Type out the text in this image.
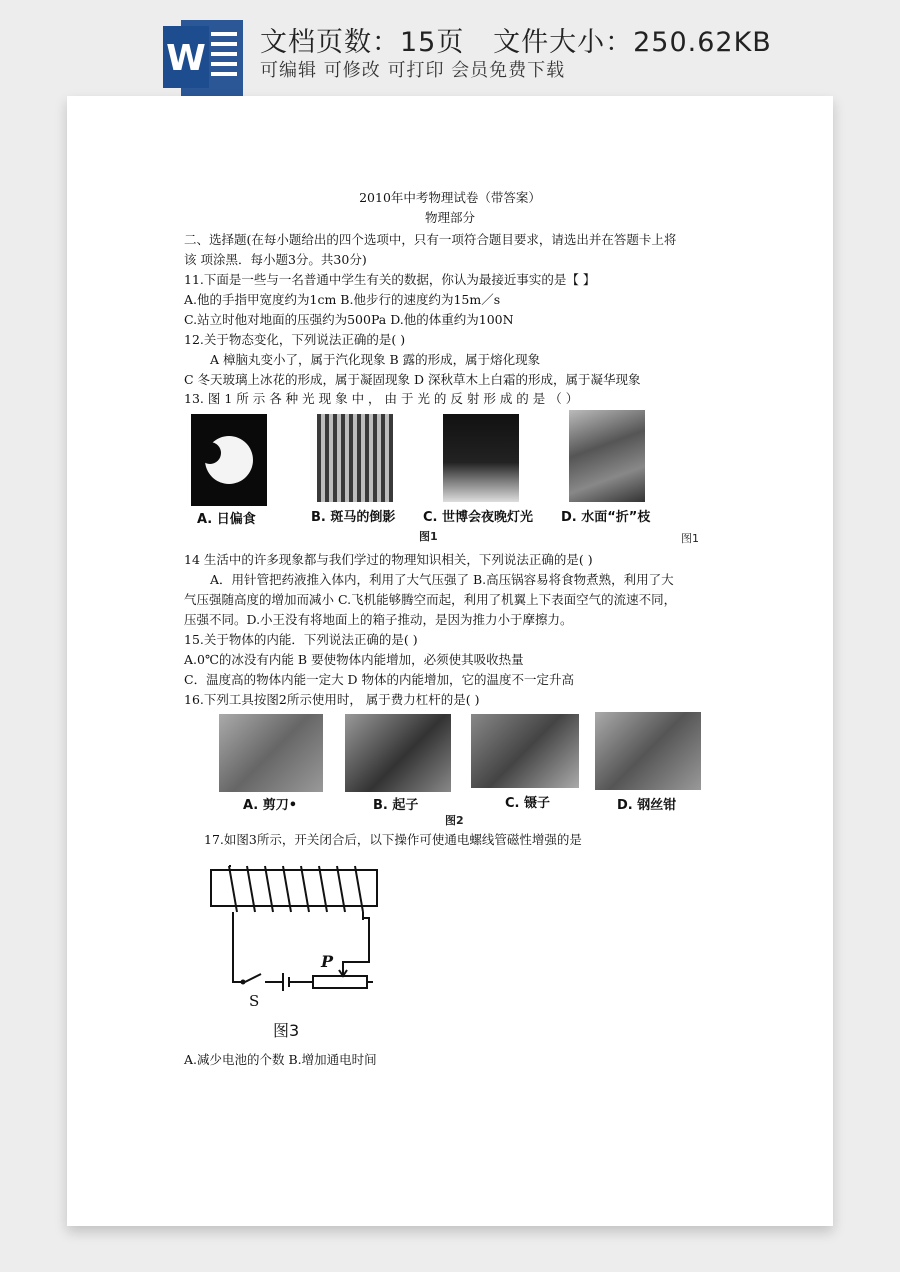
W 文档页数：15页   文件大小：250.62KB
可编辑 可修改 可打印 会员免费下载
2010年中考物理试卷（带答案）
物理部分
二、选择题(在每小题给出的四个选项中，只有一项符合题目要求，请选出并在答题卡上将
该 项涂黑．每小题3分。共30分)
11.下面是一些与一名普通中学生有关的数据，你认为最接近事实的是【 】
A.他的手指甲宽度约为1cm B.他步行的速度约为15m／s
C.站立时他对地面的压强约为500Pa D.他的体重约为100N
12.关于物态变化，下列说法正确的是( )
A 樟脑丸变小了，属于汽化现象 B 露的形成，属于熔化现象
C 冬天玻璃上冰花的形成，属于凝固现象 D 深秋草木上白霜的形成，属于凝华现象
13. 图 1 所 示 各 种 光 现 象 中 ， 由 于 光 的 反 射 形 成 的 是 （ ）
A. 日偏食	B. 斑马的倒影 C. 世博会夜晚灯光 D. 水面“折”枝
图1	图1
14 生活中的许多现象都与我们学过的物理知识相关，下列说法正确的是( )
A．用针管把药液推入体内，利用了大气压强了 B.高压锅容易将食物煮熟，利用了大
气压强随高度的增加而减小 C.飞机能够腾空而起，利用了机翼上下表面空气的流速不同，
压强不同。D.小王没有将地面上的箱子推动，是因为推力小于摩擦力。
15.关于物体的内能．下列说法正确的是( )
A.0℃的冰没有内能 B 要使物体内能增加，必须使其吸收热量
C．温度高的物体内能一定大 D 物体的内能增加，它的温度不一定升高
16.下列工具按图2所示使用时， 属于费力杠杆的是( )
A. 剪刀•	B. 起子	C. 镊子	D. 钢丝钳
图2
17.如图3所示，开关闭合后，以下操作可使通电螺线管磁性增强的是
P
S
图3
A.减少电池的个数 B.增加通电时间
